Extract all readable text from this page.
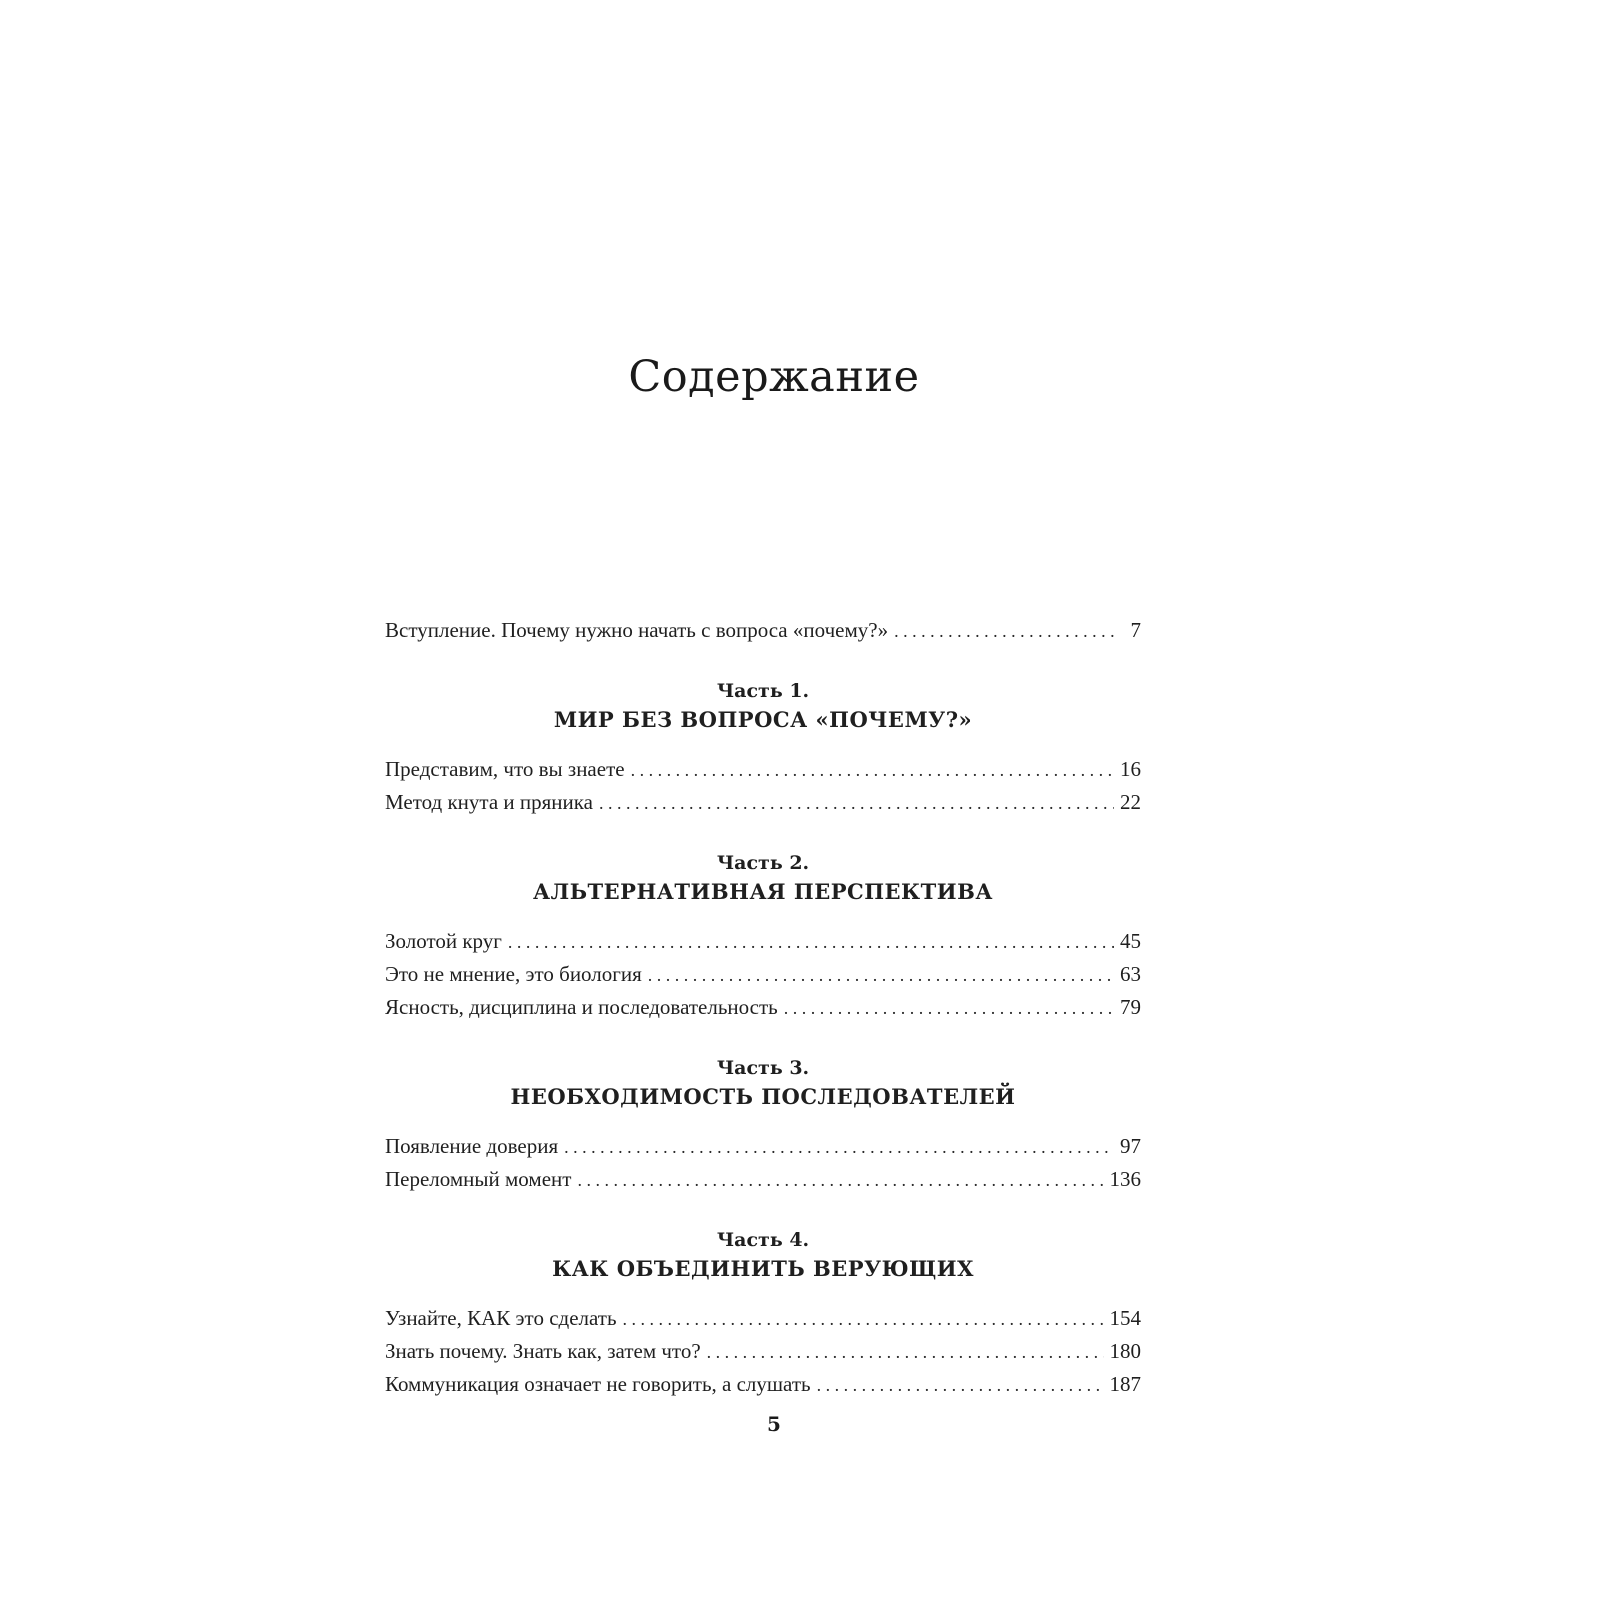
Содержание
Вступление. Почему нужно начать с вопроса «почему?» . . .	7
Часть 1.
МИР БЕЗ ВОПРОСА «ПОЧЕМУ?»
Представим, что вы знаете . . .	16
Метод кнута и пряника . . .	22
Часть 2.
АЛЬТЕРНАТИВНАЯ ПЕРСПЕКТИВА
Золотой круг . . .	45
Это не мнение, это биология . . .	63
Ясность, дисциплина и последовательность . . .	79
Часть 3.
НЕОБХОДИМОСТЬ ПОСЛЕДОВАТЕЛЕЙ
Появление доверия . . .	97
Переломный момент . . .	136
Часть 4.
КАК ОБЪЕДИНИТЬ ВЕРУЮЩИХ
Узнайте, КАК это сделать . . .	154
Знать почему. Знать как, затем что? . . .	180
Коммуникация означает не говорить, а слушать . . .	187
5
